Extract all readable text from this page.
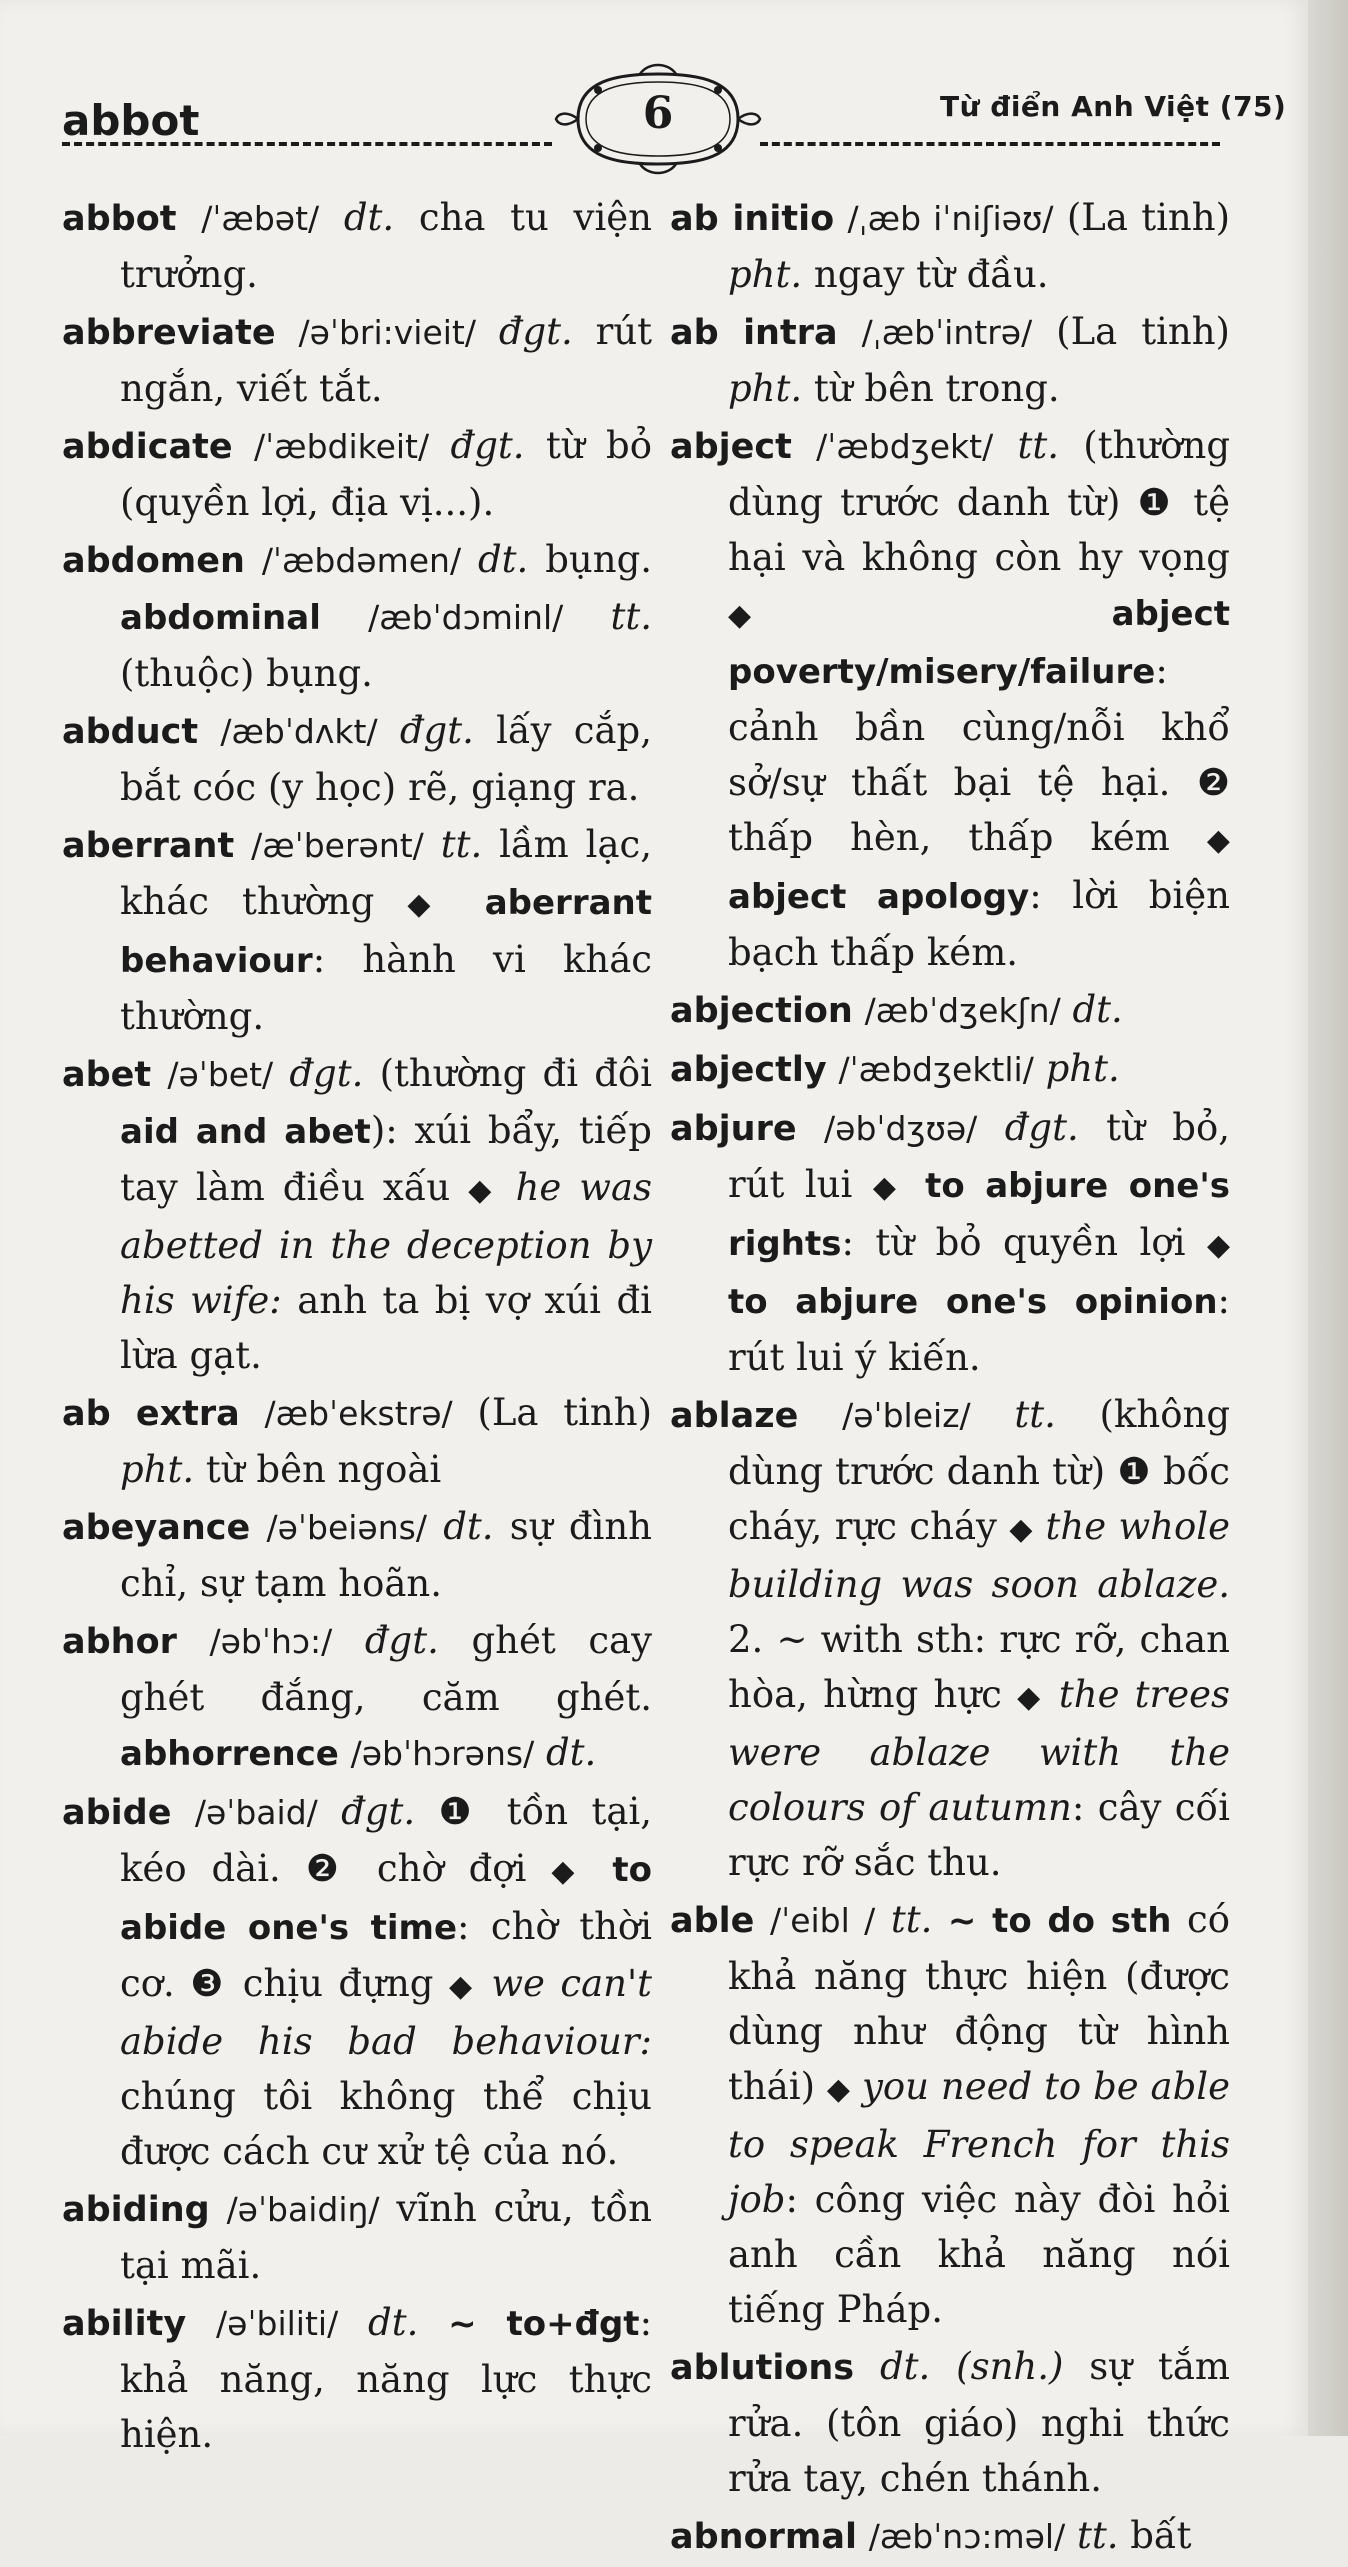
abbot	6	Từ điển Anh Việt (75)

abbot /ˈæbət/ dt. cha tu viện trưởng.

abbreviate /əˈbri:vieit/ đgt. rút ngắn, viết tắt.

abdicate /ˈæbdikeit/ đgt. từ bỏ (quyền lợi, địa vị...).

abdomen /ˈæbdəmen/ dt. bụng. abdominal /æbˈdɔminl/ tt. (thuộc) bụng.

abduct /æbˈdʌkt/ đgt. lấy cắp, bắt cóc (y học) rẽ, giạng ra.

aberrant /æˈberənt/ tt. lầm lạc, khác thường ◆ aberrant behaviour: hành vi khác thường.

abet /əˈbet/ đgt. (thường đi đôi aid and abet): xúi bẩy, tiếp tay làm điều xấu ◆ he was abetted in the deception by his wife: anh ta bị vợ xúi đi lừa gạt.

ab extra /æbˈekstrə/ (La tinh) pht. từ bên ngoài

abeyance /əˈbeiəns/ dt. sự đình chỉ, sự tạm hoãn.

abhor /əbˈhɔ:/ đgt. ghét cay ghét đắng, căm ghét. abhorrence /əbˈhɔrəns/ dt.

abide /əˈbaid/ đgt. ❶ tồn tại, kéo dài. ❷ chờ đợi ◆ to abide one's time: chờ thời cơ. ❸ chịu đựng ◆ we can't abide his bad behaviour: chúng tôi không thể chịu được cách cư xử tệ của nó.

abiding /əˈbaidiŋ/ vĩnh cửu, tồn tại mãi.

ability /əˈbiliti/ dt. ~ to+đgt: khả năng, năng lực thực hiện.

ab initio /ˌæb iˈniʃiəʊ/ (La tinh) pht. ngay từ đầu.

ab intra /ˌæbˈintrə/ (La tinh) pht. từ bên trong.

abject /ˈæbdʒekt/ tt. (thường dùng trước danh từ) ❶ tệ hại và không còn hy vọng ◆	abject poverty/misery/failure: cảnh bần cùng/nỗi khổ sở/sự thất bại tệ hại. ❷ thấp hèn, thấp kém ◆ abject apology: lời biện bạch thấp kém.

abjection /æbˈdʒekʃn/ dt.

abjectly /ˈæbdʒektli/ pht.

abjure /əbˈdʒʊə/ đgt. từ bỏ, rút lui ◆ to abjure one's rights: từ bỏ quyền lợi ◆ to abjure one's opinion: rút lui ý kiến.

ablaze /əˈbleiz/ tt. (không dùng trước danh từ) ❶ bốc cháy, rực cháy ◆ the whole building was soon ablaze. 2. ~ with sth: rực rỡ, chan hòa, hừng hực ◆ the trees were ablaze with the colours of autumn: cây cối rực rỡ sắc thu.

able /ˈeibl / tt. ~ to do sth có khả năng thực hiện (được dùng như động từ hình thái) ◆ you need to be able to speak French for this job: công việc này đòi hỏi anh cần khả năng nói tiếng Pháp.

ablutions dt. (snh.) sự tắm rửa. (tôn giáo) nghi thức rửa tay, chén thánh.

abnormal /æbˈnɔ:məl/ tt. bất
